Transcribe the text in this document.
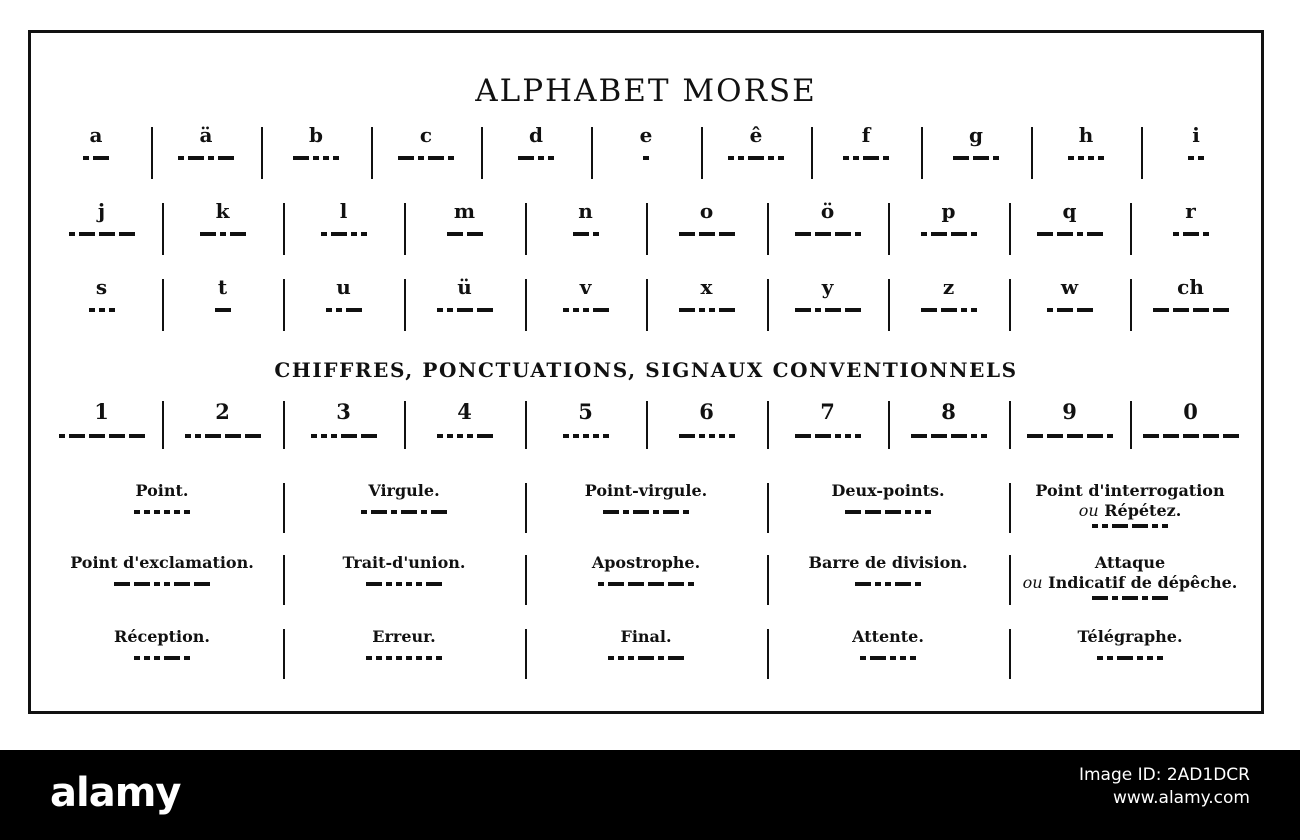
ALPHABET MORSE
CHIFFRES, PONCTUATIONS, SIGNAUX CONVENTIONNELS
a	ä	b	c	d	e	ê	f	g	h	i
j	k	l	m	n	o	ö	p	q	r
s	t	u	ü	v	x	y	z	w	ch
1	2	3	4	5	6	7	8	9	0
Point.	Virgule.	Point-virgule.	Deux-points.	Point d'interrogation
ou Répétez.
Point d'exclamation.	Trait-d'union.	Apostrophe.	Barre de division.	Attaque
ou Indicatif de dépêche.
Réception.	Erreur.	Final.	Attente.	Télégraphe.
alamy	Image ID: 2AD1DCR
www.alamy.com
